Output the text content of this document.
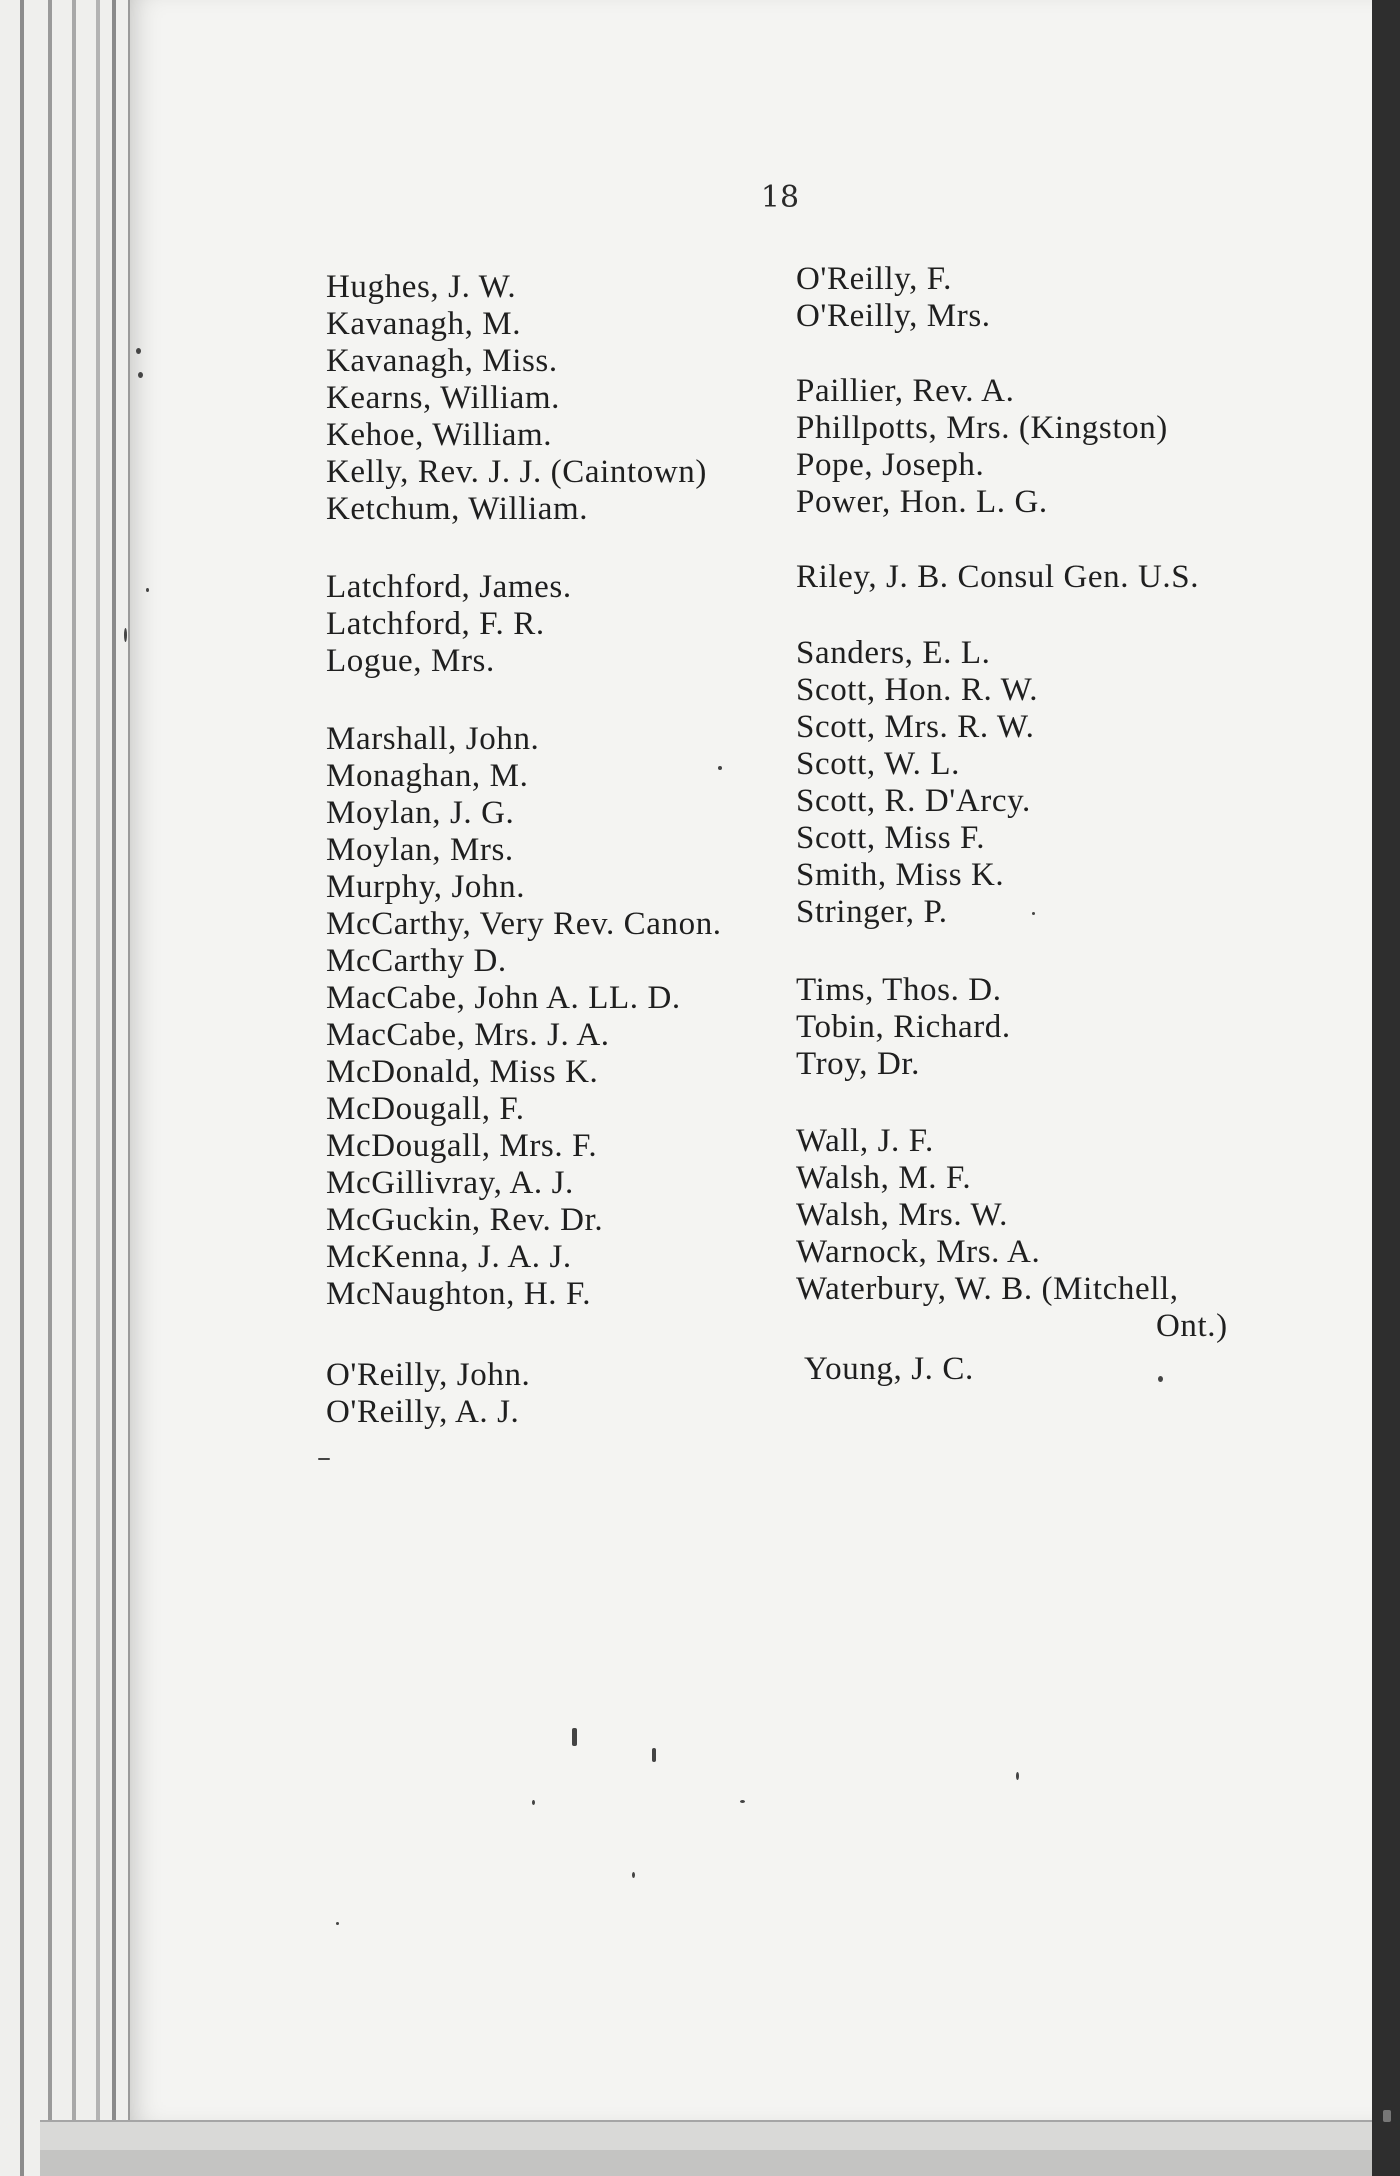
18
Hughes, J. W.
Kavanagh, M.
Kavanagh, Miss.
Kearns, William.
Kehoe, William.
Kelly, Rev. J. J. (Caintown)
Ketchum, William.
Latchford, James.
Latchford, F. R.
Logue, Mrs.
Marshall, John.
Monaghan, M.
Moylan, J. G.
Moylan, Mrs.
Murphy, John.
McCarthy, Very Rev. Canon.
McCarthy D.
MacCabe, John A. LL. D.
MacCabe, Mrs. J. A.
McDonald, Miss K.
McDougall, F.
McDougall, Mrs. F.
McGillivray, A. J.
McGuckin, Rev. Dr.
McKenna, J. A. J.
McNaughton, H. F.
O'Reilly, John.
O'Reilly, A. J.
O'Reilly, F.
O'Reilly, Mrs.
Paillier, Rev. A.
Phillpotts, Mrs. (Kingston)
Pope, Joseph.
Power, Hon. L. G.
Riley, J. B. Consul Gen. U.S.
Sanders, E. L.
Scott, Hon. R. W.
Scott, Mrs. R. W.
Scott, W. L.
Scott, R. D'Arcy.
Scott, Miss F.
Smith, Miss K.
Stringer, P.
Tims, Thos. D.
Tobin, Richard.
Troy, Dr.
Wall, J. F.
Walsh, M. F.
Walsh, Mrs. W.
Warnock, Mrs. A.
Waterbury, W. B. (Mitchell,
Ont.)
Young, J. C.
